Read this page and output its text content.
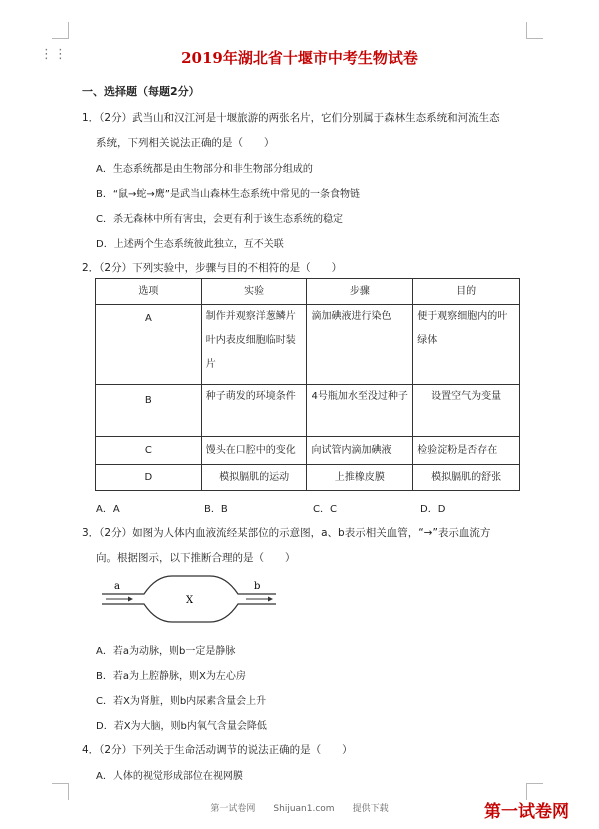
⋮⋮	2019年湖北省十堰市中考生物试卷
一、选择题（每题2分）
1．（2分）武当山和汉江河是十堰旅游的两张名片，它们分别属于森林生态系统和河流生态
系统，下列相关说法正确的是（　　）
A．生态系统都是由生物部分和非生物部分组成的
B．“鼠→蛇→鹰”是武当山森林生态系统中常见的一条食物链
C．杀无森林中所有害虫，会更有利于该生态系统的稳定
D．上述两个生态系统彼此独立，互不关联
2．（2分）下列实验中，步骤与目的不相符的是（　　）
选项	实验	步骤	目的
A	制作并观察洋葱鳞片叶内表皮细胞临时装片	滴加碘液进行染色	便于观察细胞内的叶绿体
B	种子萌发的环境条件	4号瓶加水至没过种子	设置空气为变量
C	馒头在口腔中的变化	向试管内滴加碘液	检验淀粉是否存在
D	模拟膈肌的运动	上推橡皮膜	模拟膈肌的舒张
A．A	B．B	C．C	D．D
3．（2分）如图为人体内血液流经某部位的示意图，a、b表示相关血管，“→”表示血流方
向。根据图示，以下推断合理的是（　　）
a	b
X
A．若a为动脉，则b一定是静脉
B．若a为上腔静脉，则X为左心房
C．若X为肾脏，则b内尿素含量会上升
D．若X为大脑，则b内氧气含量会降低
4．（2分）下列关于生命活动调节的说法正确的是（　　）
A．人体的视觉形成部位在视网膜
第一试卷网　　Shijuan1.com　　提供下载	第一试卷网
